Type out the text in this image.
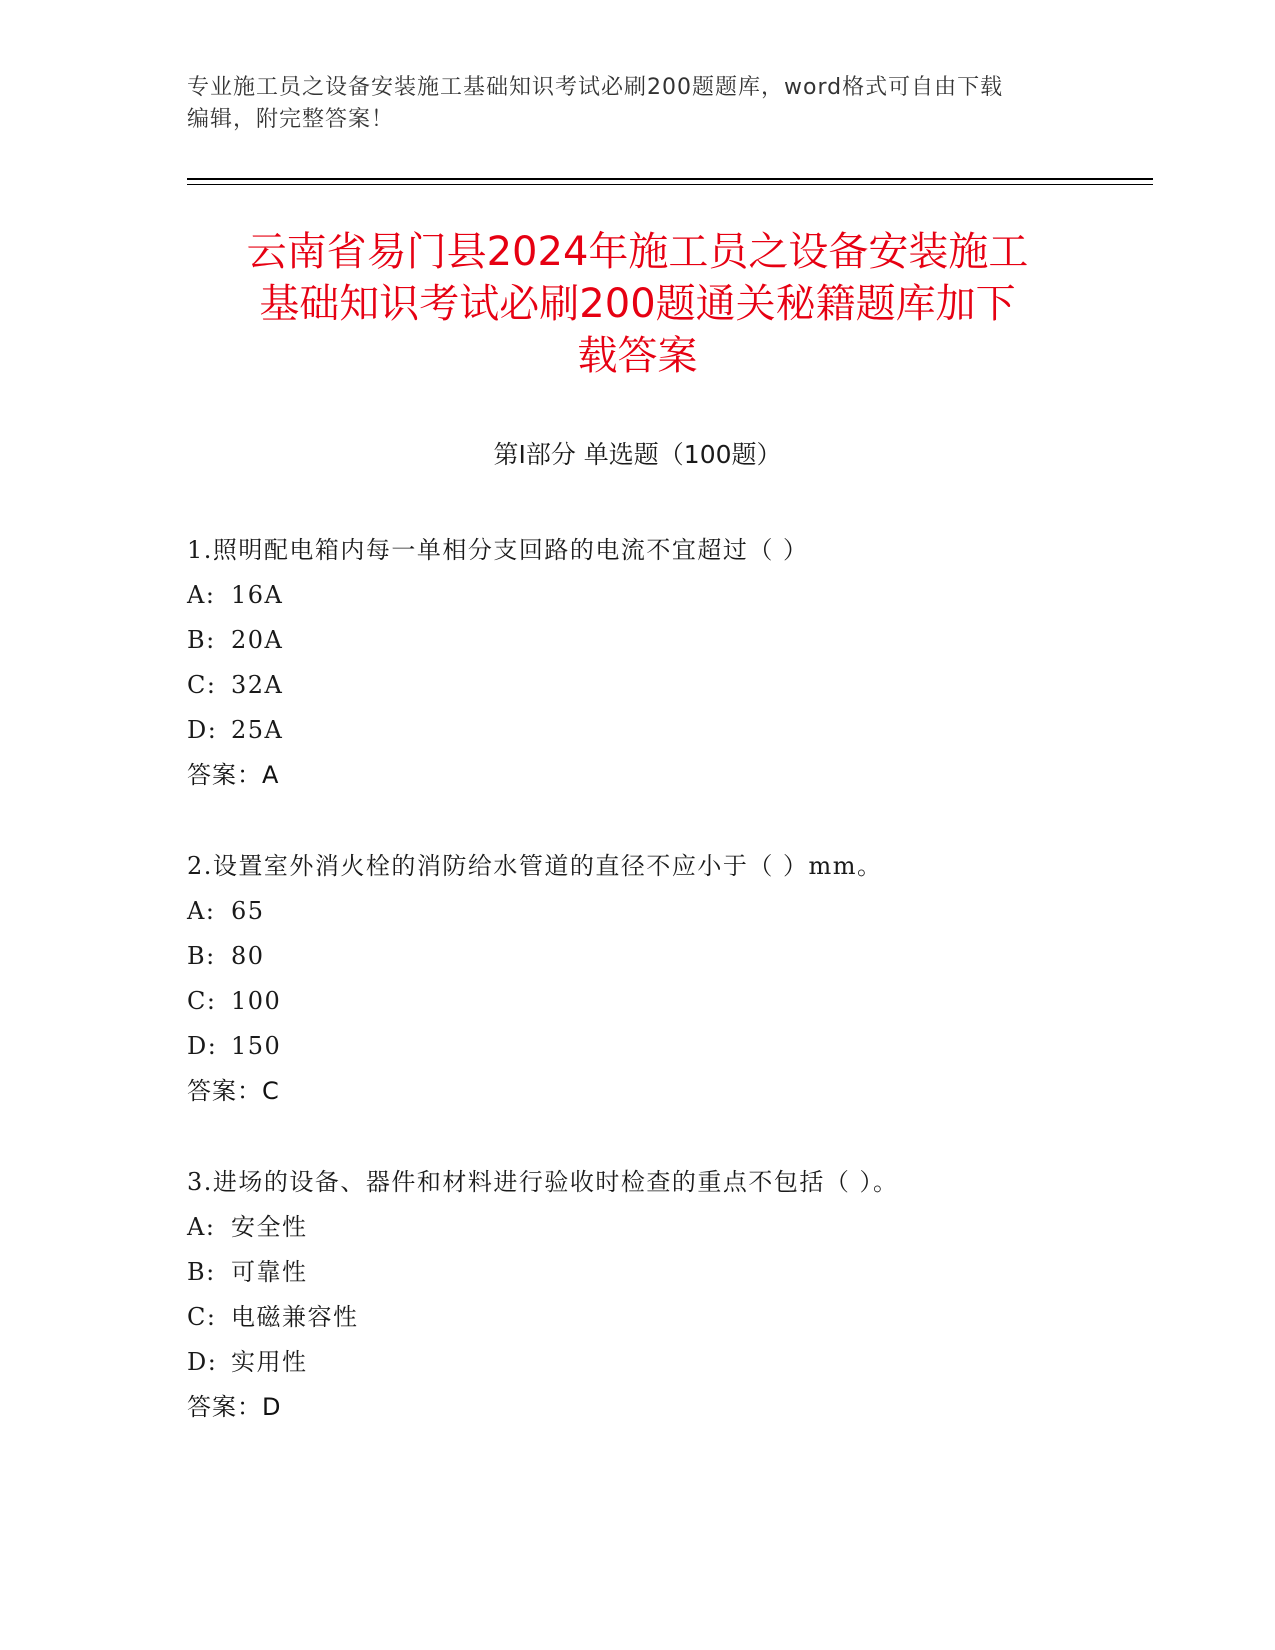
专业施工员之设备安装施工基础知识考试必刷200题题库，word格式可自由下载
编辑，附完整答案！
云南省易门县2024年施工员之设备安装施工
基础知识考试必刷200题通关秘籍题库加下
载答案
第Ⅰ部分 单选题（100题）
1.照明配电箱内每一单相分支回路的电流不宜超过（ ）
A: 16A
B: 20A
C: 32A
D: 25A
答案：A
2.设置室外消火栓的消防给水管道的直径不应小于（ ）mm。
A: 65
B: 80
C: 100
D: 150
答案：C
3.进场的设备、器件和材料进行验收时检查的重点不包括（ ）。
A: 安全性
B: 可靠性
C: 电磁兼容性
D: 实用性
答案：D
